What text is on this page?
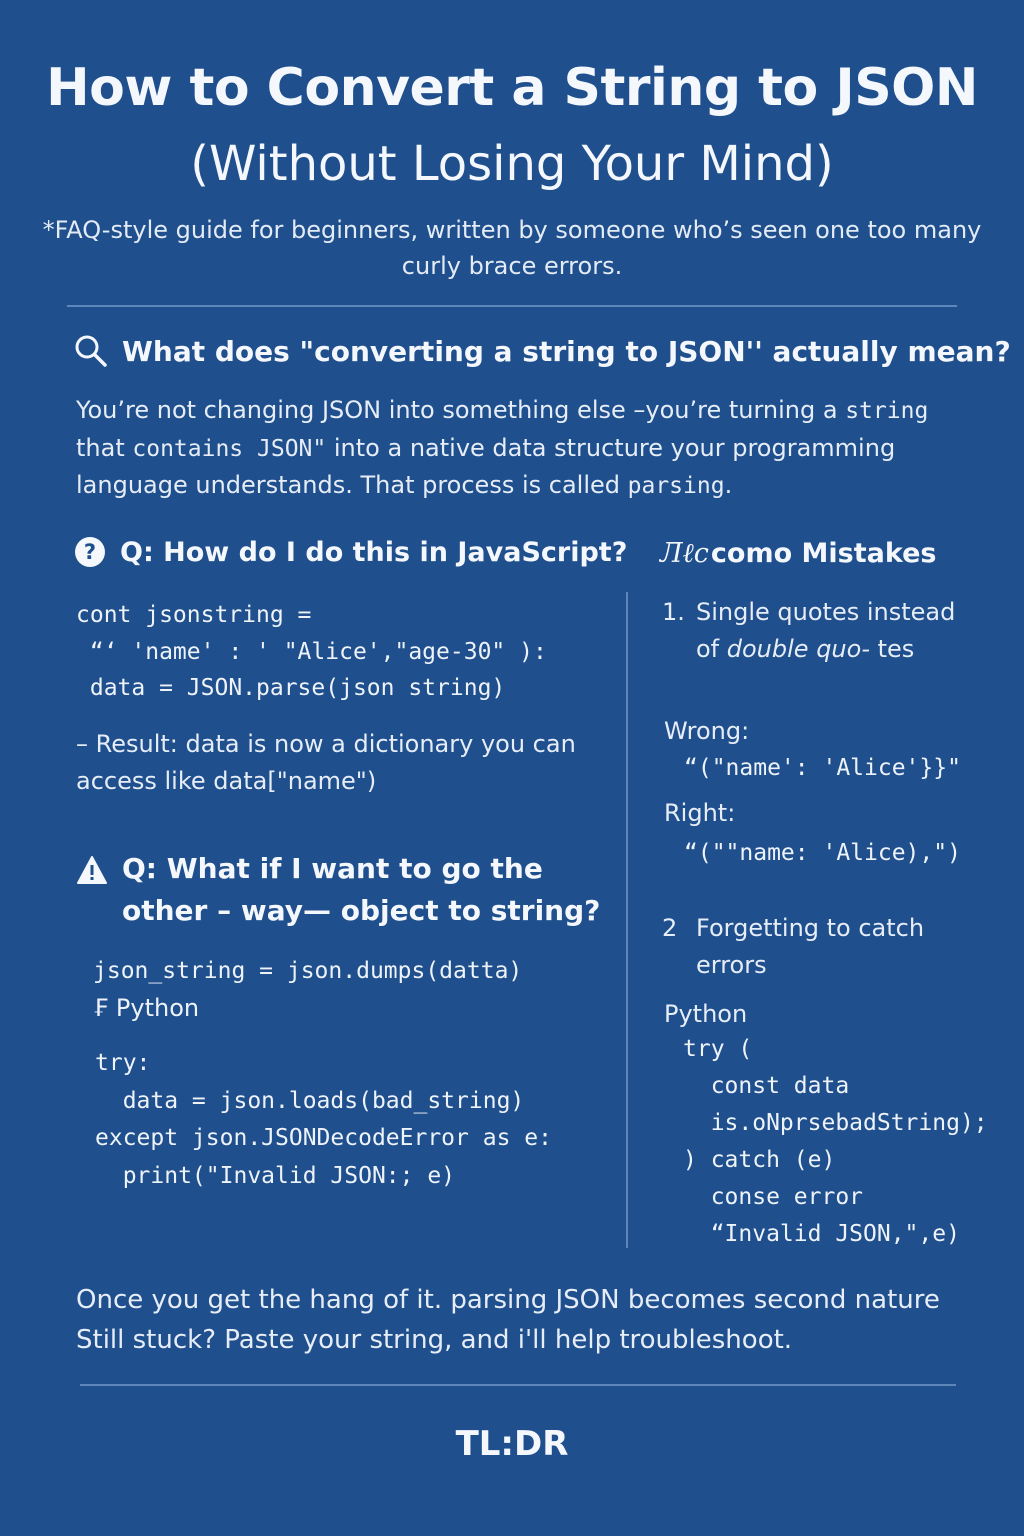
How to Convert a String to JSON
(Without Losing Your Mind)

*FAQ-style guide for beginners, written by someone who’s seen one too many curly brace errors.

What does "converting a string to JSON'' actually mean?

You’re not changing JSON into something else –you’re turning a string that contains JSON" into a native data structure your programming language understands. That process is called parsing.

? Q: How do I do this in JavaScript?
cont jsonstring =
“‘ 'name' : ' "Alice',"age-30" ):
data = JSON.parse(json string)

– Result: data is now a dictionary you can access like data["name")

Q: What if I want to go the other – way— object to string?
json_string = json.dumps(datta)

₣ Python

try:
data = json.loads(bad_string)
except json.JSONDecodeError as e:
print("Invalid JSON:; e)
Лℓc como Mistakes
1. Single quotes instead of double quo- tes

Wrong:

“("name': 'Alice'}}"

Right:

“(""name: 'Alice),")
2 Forgetting to catch errors

Python

try (
const data
is.oNprsebadString);
) catch (e)
conse error
“Invalid JSON,",e)

Once you get the hang of it. parsing JSON becomes second nature
Still stuck? Paste your string, and i'll help troubleshoot.

TL:DR
